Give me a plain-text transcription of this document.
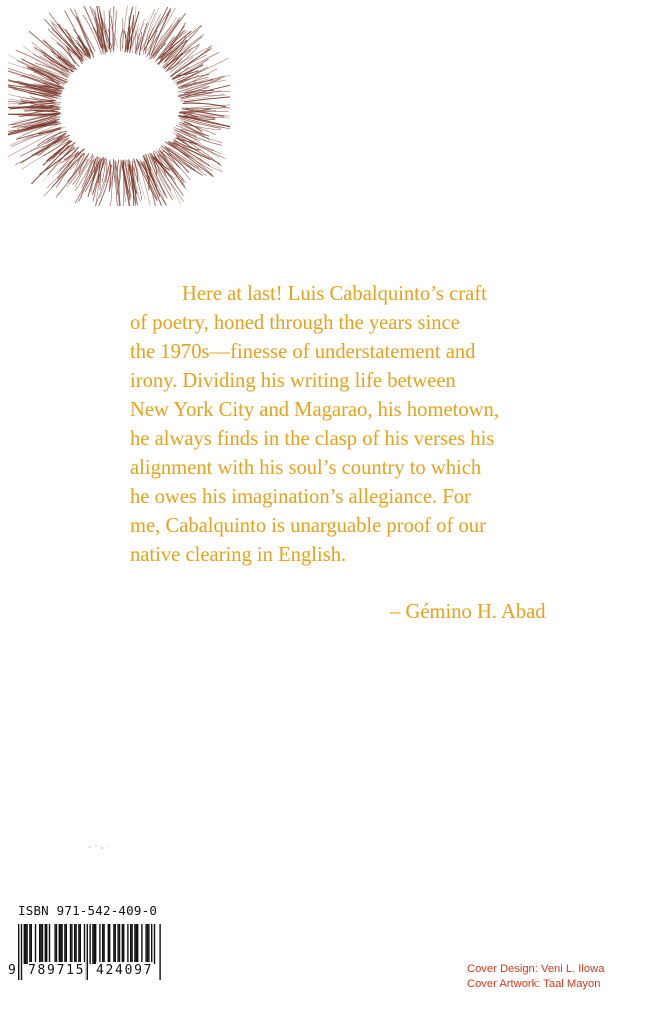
Here at last! Luis Cabalquinto’s craft
of poetry, honed through the years since
the 1970s—finesse of understatement and
irony. Dividing his writing life between
New York City and Magarao, his hometown,
he always finds in the clasp of his verses his
alignment with his soul’s country to which
he owes his imagination’s allegiance. For
me, Cabalquinto is unarguable proof of our
native clearing in English.
– Gémino H. Abad
ISBN 971-542-409-0
9 789715 424097	Cover Design: Veni L. Ilowa
Cover Artwork: Taal Mayon
